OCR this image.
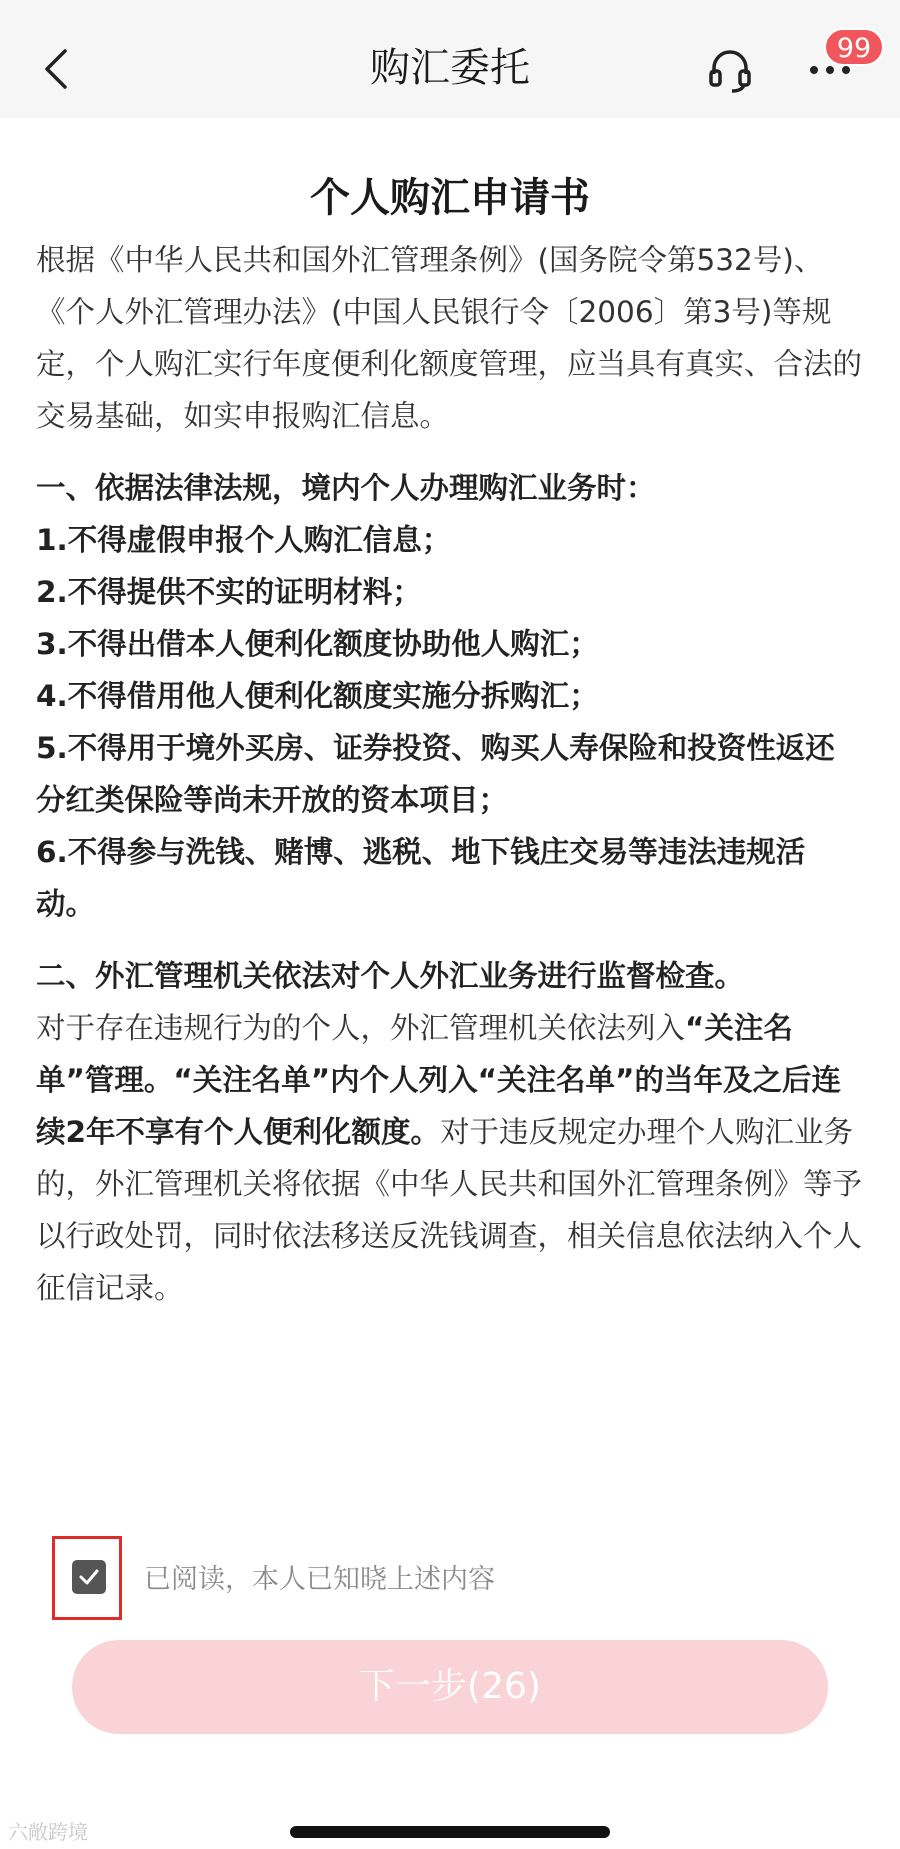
购汇委托	99
个人购汇申请书

根据《中华人民共和国外汇管理条例》(国务院令第532号)、《个人外汇管理办法》(中国人民银行令〔2006〕第3号)等规定，个人购汇实行年度便利化额度管理，应当具有真实、合法的交易基础，如实申报购汇信息。

一、依据法律法规，境内个人办理购汇业务时：

1.不得虚假申报个人购汇信息；

2.不得提供不实的证明材料；

3.不得出借本人便利化额度协助他人购汇；

4.不得借用他人便利化额度实施分拆购汇；

5.不得用于境外买房、证券投资、购买人寿保险和投资性返还分红类保险等尚未开放的资本项目；

6.不得参与洗钱、赌博、逃税、地下钱庄交易等违法违规活动。

二、外汇管理机关依法对个人外汇业务进行监督检查。

对于存在违规行为的个人，外汇管理机关依法列入“关注名单”管理。“关注名单”内个人列入“关注名单”的当年及之后连续2年不享有个人便利化额度。对于违反规定办理个人购汇业务的，外汇管理机关将依据《中华人民共和国外汇管理条例》等予以行政处罚，同时依法移送反洗钱调查，相关信息依法纳入个人征信记录。

已阅读，本人已知晓上述内容
下一步(26)
六敞跨境
